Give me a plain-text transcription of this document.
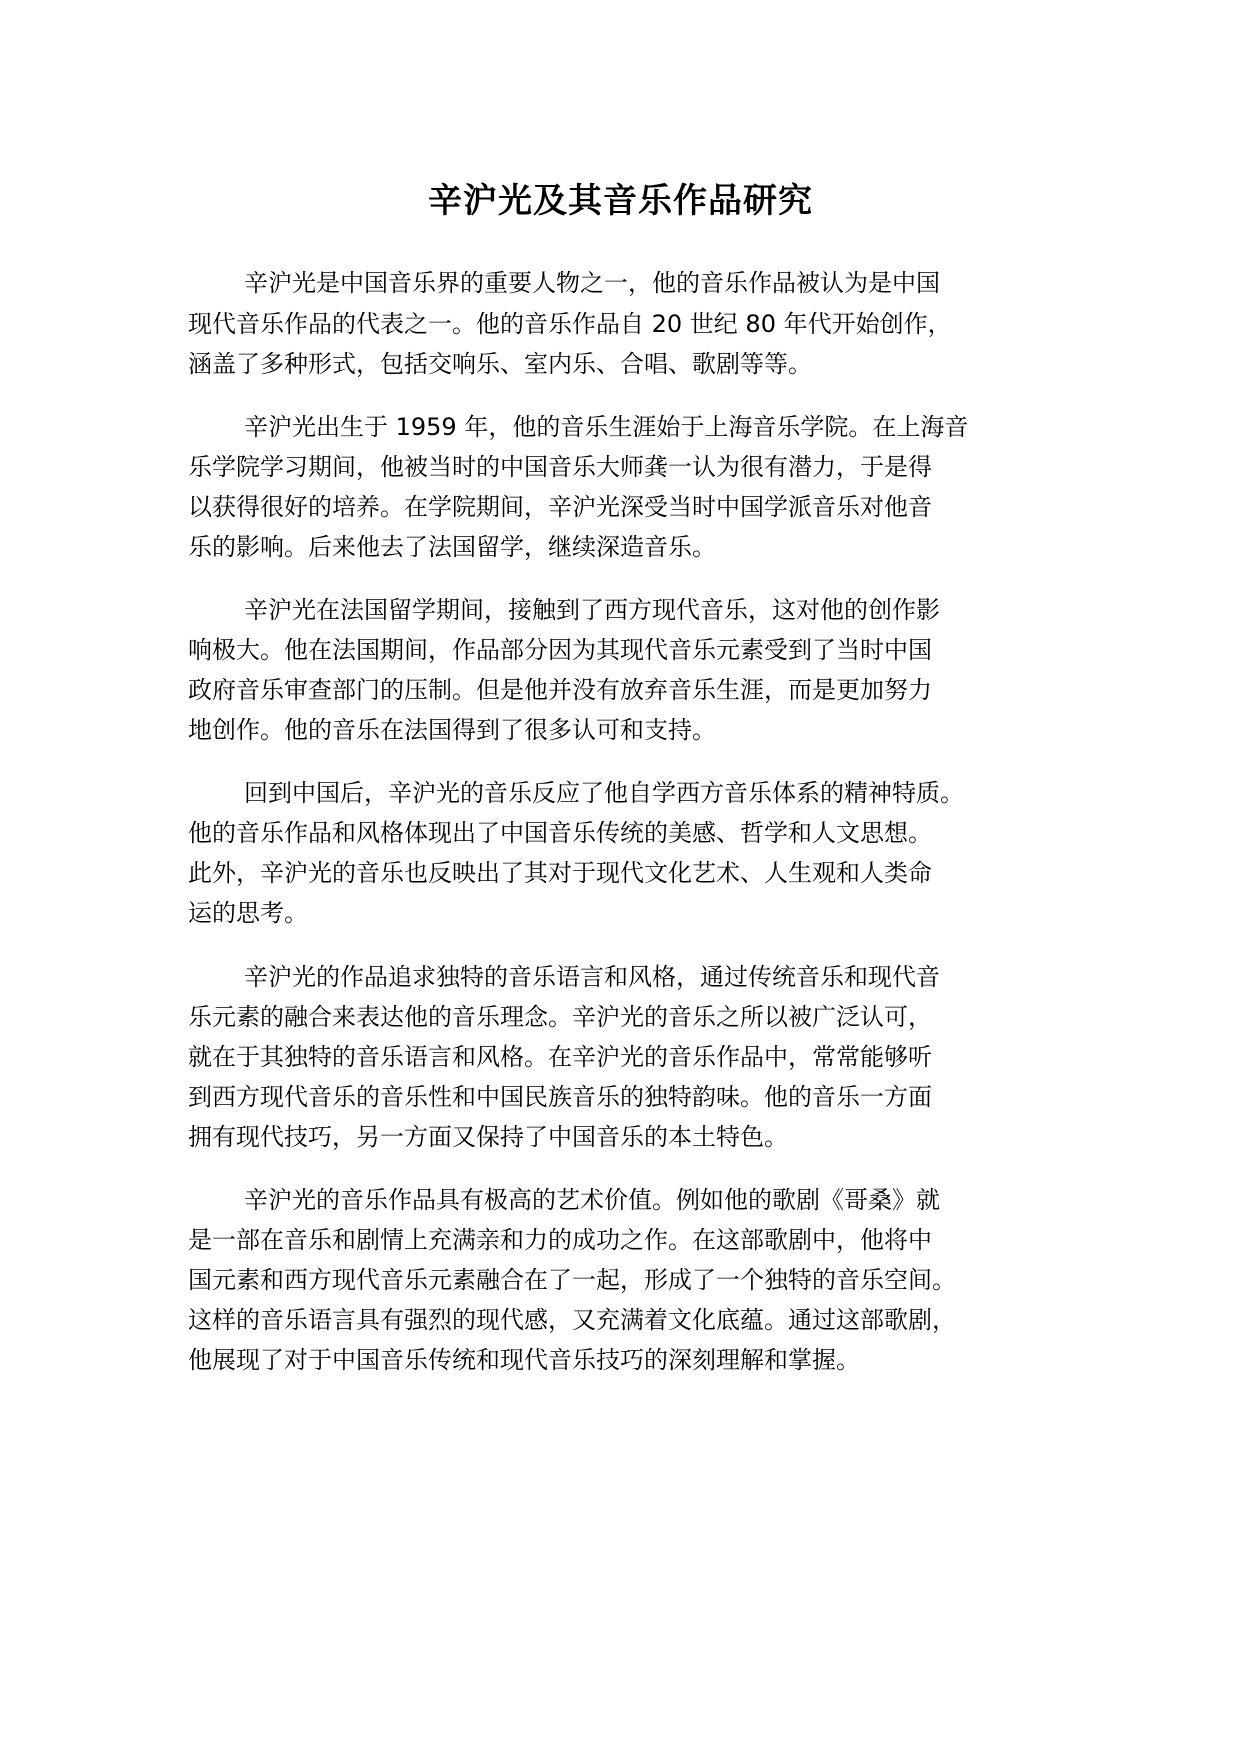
辛沪光及其音乐作品研究

辛沪光是中国音乐界的重要人物之一，他的音乐作品被认为是中国

现代音乐作品的代表之一。他的音乐作品自 20 世纪 80 年代开始创作，

涵盖了多种形式，包括交响乐、室内乐、合唱、歌剧等等。

辛沪光出生于 1959 年，他的音乐生涯始于上海音乐学院。在上海音

乐学院学习期间，他被当时的中国音乐大师龚一认为很有潜力，于是得

以获得很好的培养。在学院期间，辛沪光深受当时中国学派音乐对他音

乐的影响。后来他去了法国留学，继续深造音乐。

辛沪光在法国留学期间，接触到了西方现代音乐，这对他的创作影

响极大。他在法国期间，作品部分因为其现代音乐元素受到了当时中国

政府音乐审查部门的压制。但是他并没有放弃音乐生涯，而是更加努力

地创作。他的音乐在法国得到了很多认可和支持。

回到中国后，辛沪光的音乐反应了他自学西方音乐体系的精神特质。

他的音乐作品和风格体现出了中国音乐传统的美感、哲学和人文思想。

此外，辛沪光的音乐也反映出了其对于现代文化艺术、人生观和人类命

运的思考。

辛沪光的作品追求独特的音乐语言和风格，通过传统音乐和现代音

乐元素的融合来表达他的音乐理念。辛沪光的音乐之所以被广泛认可，

就在于其独特的音乐语言和风格。在辛沪光的音乐作品中，常常能够听

到西方现代音乐的音乐性和中国民族音乐的独特韵味。他的音乐一方面

拥有现代技巧，另一方面又保持了中国音乐的本土特色。

辛沪光的音乐作品具有极高的艺术价值。例如他的歌剧《哥桑》就

是一部在音乐和剧情上充满亲和力的成功之作。在这部歌剧中，他将中

国元素和西方现代音乐元素融合在了一起，形成了一个独特的音乐空间。

这样的音乐语言具有强烈的现代感，又充满着文化底蕴。通过这部歌剧，

他展现了对于中国音乐传统和现代音乐技巧的深刻理解和掌握。
